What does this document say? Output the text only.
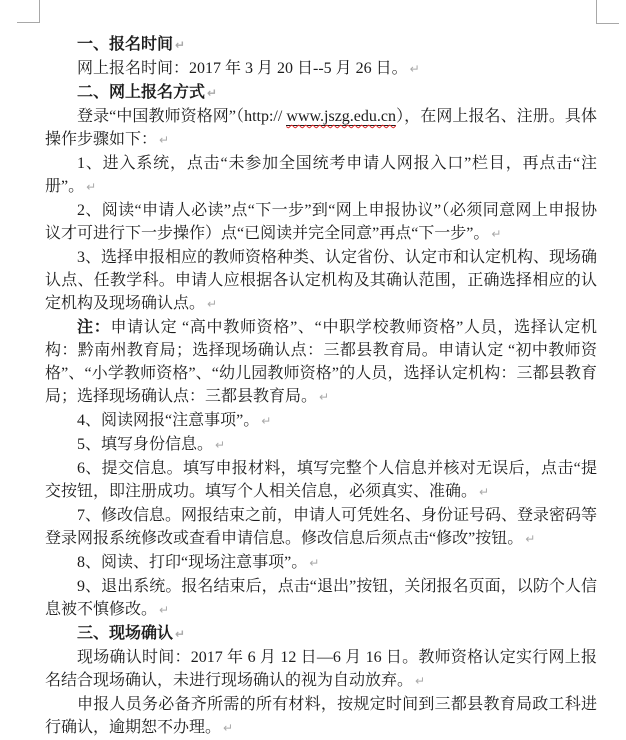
一、报名时间 ↵

网上报名时间：2017 年 3 月 20 日--5 月 26 日。 ↵

二、网上报名方式 ↵

登录“中国教师资格网”（http:// www.jszg.edu.cn），在网上报名、注册。具体操作步骤如下： ↵

1、进入系统，点击“未参加全国统考申请人网报入口”栏目，再点击“注册”。 ↵

2、阅读“申请人必读”点“下一步”到“网上申报协议”（必须同意网上申报协议才可进行下一步操作）点“已阅读并完全同意”再点“下一步”。 ↵

3、选择申报相应的教师资格种类、认定省份、认定市和认定机构、现场确认点、任教学科。申请人应根据各认定机构及其确认范围，正确选择相应的认定机构及现场确认点。 ↵

注：申请认定 “高中教师资格”、“中职学校教师资格”人员，选择认定机构：黔南州教育局；选择现场确认点：三都县教育局。申请认定 “初中教师资格”、“小学教师资格”、“幼儿园教师资格”的人员，选择认定机构：三都县教育局；选择现场确认点：三都县教育局。 ↵

4、阅读网报“注意事项”。 ↵

5、填写身份信息。 ↵

6、提交信息。填写申报材料，填写完整个人信息并核对无误后，点击“提交按钮，即注册成功。填写个人相关信息，必须真实、准确。 ↵

7、修改信息。网报结束之前，申请人可凭姓名、身份证号码、登录密码等登录网报系统修改或查看申请信息。修改信息后须点击“修改”按钮。 ↵

8、阅读、打印“现场注意事项”。 ↵

9、退出系统。报名结束后，点击“退出”按钮，关闭报名页面，以防个人信息被不慎修改。 ↵

三、现场确认 ↵

现场确认时间：2017 年 6 月 12 日—6 月 16 日。教师资格认定实行网上报名结合现场确认，未进行现场确认的视为自动放弃。 ↵

申报人员务必备齐所需的所有材料，按规定时间到三都县教育局政工科进行确认，逾期恕不办理。 ↵
